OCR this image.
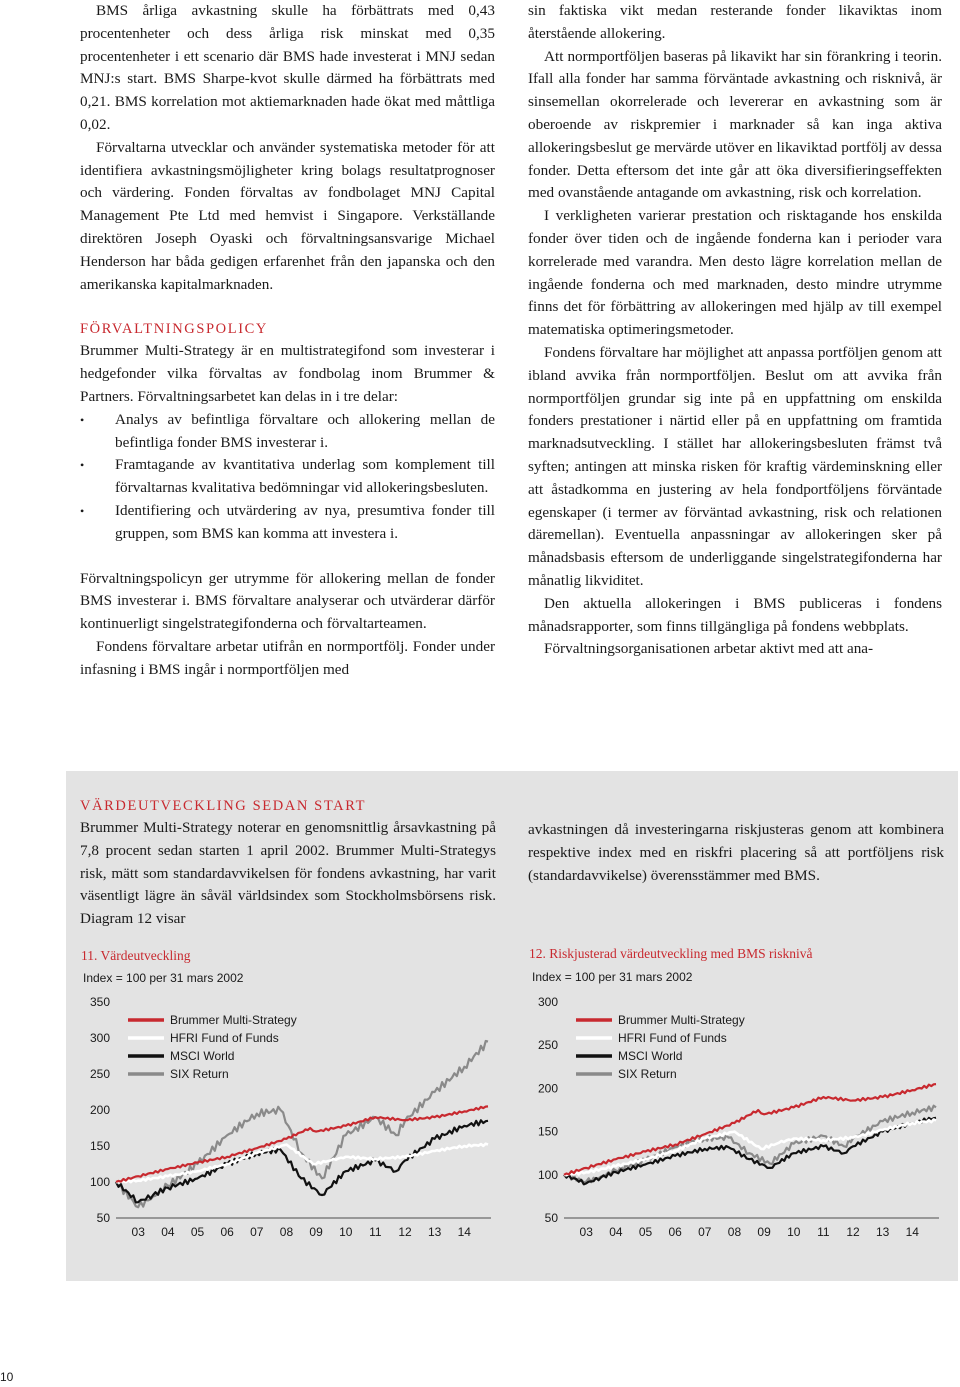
BMS årliga avkastning skulle ha förbättrats med 0,43 procentenheter och dess årliga risk minskat med 0,35 procentenheter i ett scenario där BMS hade investerat i MNJ sedan MNJ:s start. BMS Sharpe-kvot skulle därmed ha förbättrats med 0,21. BMS korrelation mot aktiemarknaden hade ökat med måttliga 0,02.

Förvaltarna utvecklar och använder systematiska metoder för att identifiera avkastningsmöjligheter kring bolags resultatprognoser och värdering. Fonden förvaltas av fondbolaget MNJ Capital Management Pte Ltd med hemvist i Singapore. Verkställande direktören Joseph Oyaski och förvaltningsansvarige Michael Henderson har båda gedigen erfarenhet från den japanska och den amerikanska kapitalmarknaden.

FÖRVALTNINGSPOLICY

Brummer Multi-Strategy är en multistrategifond som investerar i hedgefonder vilka förvaltas av fondbolag inom Brummer & Partners. Förvaltningsarbetet kan delas in i tre delar:

• Analys av befintliga förvaltare och allokering mellan de befintliga fonder BMS investerar i.
• Framtagande av kvantitativa underlag som komplement till förvaltarnas kvalitativa bedömningar vid allokeringsbesluten.
• Identifiering och utvärdering av nya, presumtiva fonder till gruppen, som BMS kan komma att investera i.

Förvaltningspolicyn ger utrymme för allokering mellan de fonder BMS investerar i. BMS förvaltare analyserar och utvärderar därför kontinuerligt singelstrategifonderna och förvaltarteamen.

Fondens förvaltare arbetar utifrån en normportfölj. Fonder under infasning i BMS ingår i normportföljen med

sin faktiska vikt medan resterande fonder likaviktas inom återstående allokering.

Att normportföljen baseras på likavikt har sin förankring i teorin. Ifall alla fonder har samma förväntade avkastning och risknivå, är sinsemellan okorrelerade och levererar en avkastning som är oberoende av riskpremier i marknader så kan inga aktiva allokeringsbeslut ge mervärde utöver en likaviktad portfölj av dessa fonder. Detta eftersom det inte går att öka diversifieringseffekten med ovanstående antagande om avkastning, risk och korrelation.

I verkligheten varierar prestation och risktagande hos enskilda fonder över tiden och de ingående fonderna kan i perioder vara korrelerade med varandra. Men desto lägre korrelation mellan de ingående fonderna och med marknaden, desto mindre utrymme finns det för förbättring av allokeringen med hjälp av till exempel matematiska optimeringsmetoder.

Fondens förvaltare har möjlighet att anpassa portföljen genom att ibland avvika från normportföljen. Beslut om att avvika från normportföljen grundar sig inte på en uppfattning om enskilda fonders prestationer i närtid eller på en uppfattning om framtida marknadsutveckling. I stället har allokeringsbesluten främst två syften; antingen att minska risken för kraftig värdeminskning eller att åstadkomma en justering av hela fondportföljens förväntade egenskaper (i termer av förväntad avkastning, risk och relationen däremellan). Eventuella anpassningar av allokeringen sker på månadsbasis eftersom de underliggande singelstrategifonderna har månatlig likviditet.

Den aktuella allokeringen i BMS publiceras i fondens månadsrapporter, som finns tillgängliga på fondens webbplats.

Förvaltningsorganisationen arbetar aktivt med att ana-

VÄRDEUTVECKLING SEDAN START
Brummer Multi-Strategy noterar en genomsnittlig årsavkastning på 7,8 procent sedan starten 1 april 2002. Brummer Multi-Strategys risk, mätt som standardavvikelsen för fondens avkastning, har varit väsentligt lägre än såväl världsindex som Stockholmsbörsens risk. Diagram 12 visar
avkastningen då investeringarna riskjusteras genom att kombinera respektive index med en riskfri placering så att portföljens risk (standardavvikelse) överensstämmer med BMS.
11. Värdeutveckling
Index = 100 per 31 mars 2002
50
100
150
200
250
300
350
03 04 05 06 07 08 09 10 11 12 13 14
Brummer Multi-Strategy
HFRI Fund of Funds
MSCI World
SIX Return
12. Riskjusterad värdeutveckling med BMS risknivå
Index = 100 per 31 mars 2002
50
100
150
200
250
300
03 04 05 06 07 08 09 10 11 12 13 14
Brummer Multi-Strategy
HFRI Fund of Funds
MSCI World
SIX Return
10
